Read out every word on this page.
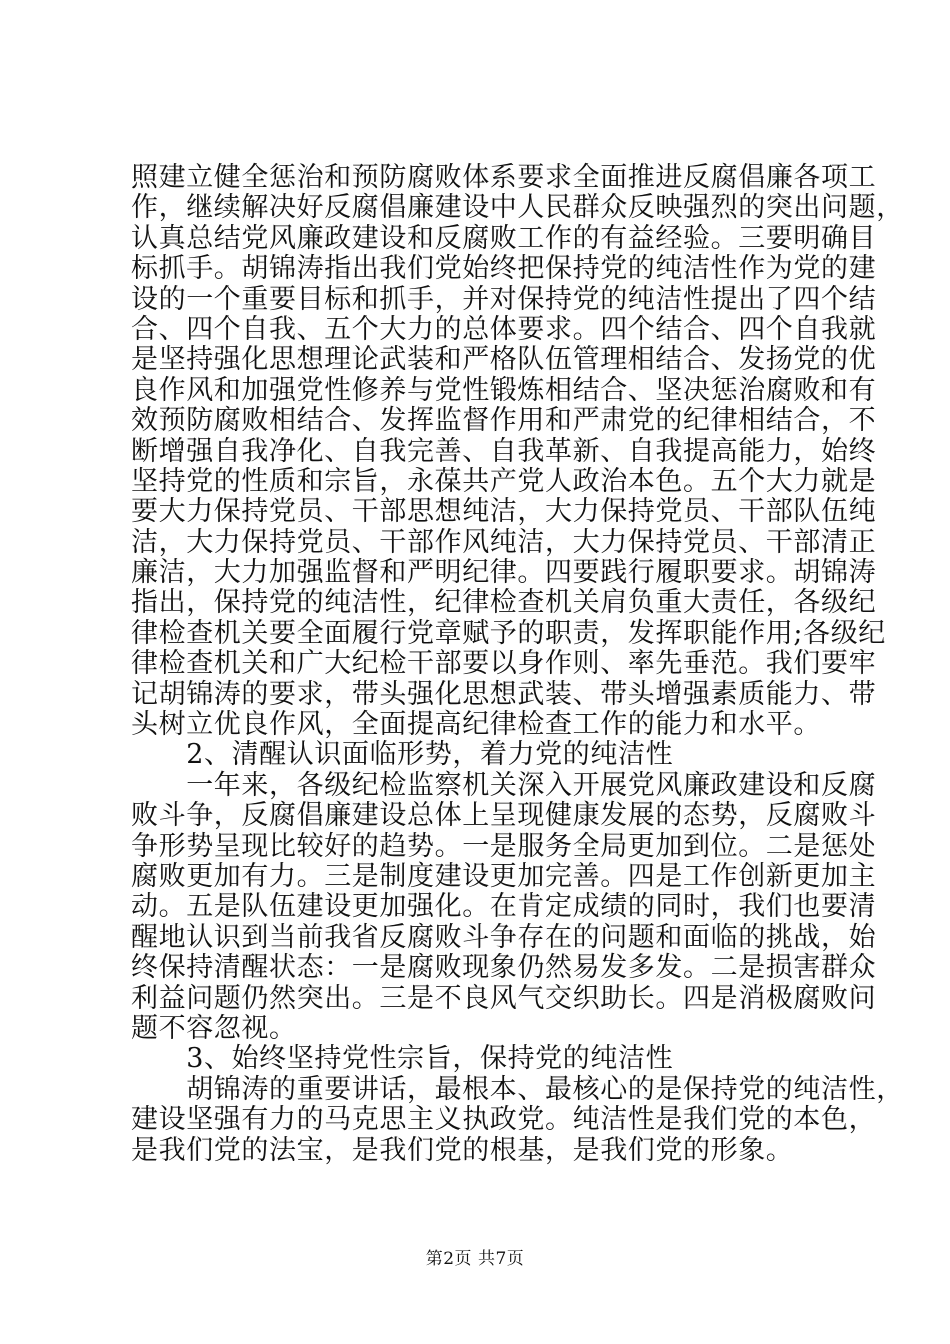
照建立健全惩治和预防腐败体系要求全面推进反腐倡廉各项工
作，继续解决好反腐倡廉建设中人民群众反映强烈的突出问题，
认真总结党风廉政建设和反腐败工作的有益经验。三要明确目
标抓手。胡锦涛指出我们党始终把保持党的纯洁性作为党的建
设的一个重要目标和抓手，并对保持党的纯洁性提出了四个结
合、四个自我、五个大力的总体要求。四个结合、四个自我就
是坚持强化思想理论武装和严格队伍管理相结合、发扬党的优
良作风和加强党性修养与党性锻炼相结合、坚决惩治腐败和有
效预防腐败相结合、发挥监督作用和严肃党的纪律相结合，不
断增强自我净化、自我完善、自我革新、自我提高能力，始终
坚持党的性质和宗旨，永葆共产党人政治本色。五个大力就是
要大力保持党员、干部思想纯洁，大力保持党员、干部队伍纯
洁，大力保持党员、干部作风纯洁，大力保持党员、干部清正
廉洁，大力加强监督和严明纪律。四要践行履职要求。胡锦涛
指出，保持党的纯洁性，纪律检查机关肩负重大责任，各级纪
律检查机关要全面履行党章赋予的职责，发挥职能作用;各级纪
律检查机关和广大纪检干部要以身作则、率先垂范。我们要牢
记胡锦涛的要求，带头强化思想武装、带头增强素质能力、带
头树立优良作风，全面提高纪律检查工作的能力和水平。
　　2、清醒认识面临形势，着力党的纯洁性
　　一年来，各级纪检监察机关深入开展党风廉政建设和反腐
败斗争，反腐倡廉建设总体上呈现健康发展的态势，反腐败斗
争形势呈现比较好的趋势。一是服务全局更加到位。二是惩处
腐败更加有力。三是制度建设更加完善。四是工作创新更加主
动。五是队伍建设更加强化。在肯定成绩的同时，我们也要清
醒地认识到当前我省反腐败斗争存在的问题和面临的挑战，始
终保持清醒状态：一是腐败现象仍然易发多发。二是损害群众
利益问题仍然突出。三是不良风气交织助长。四是消极腐败问
题不容忽视。
　　3、始终坚持党性宗旨，保持党的纯洁性
　　胡锦涛的重要讲话，最根本、最核心的是保持党的纯洁性，
建设坚强有力的马克思主义执政党。纯洁性是我们党的本色，
是我们党的法宝，是我们党的根基，是我们党的形象。
第2页 共7页
